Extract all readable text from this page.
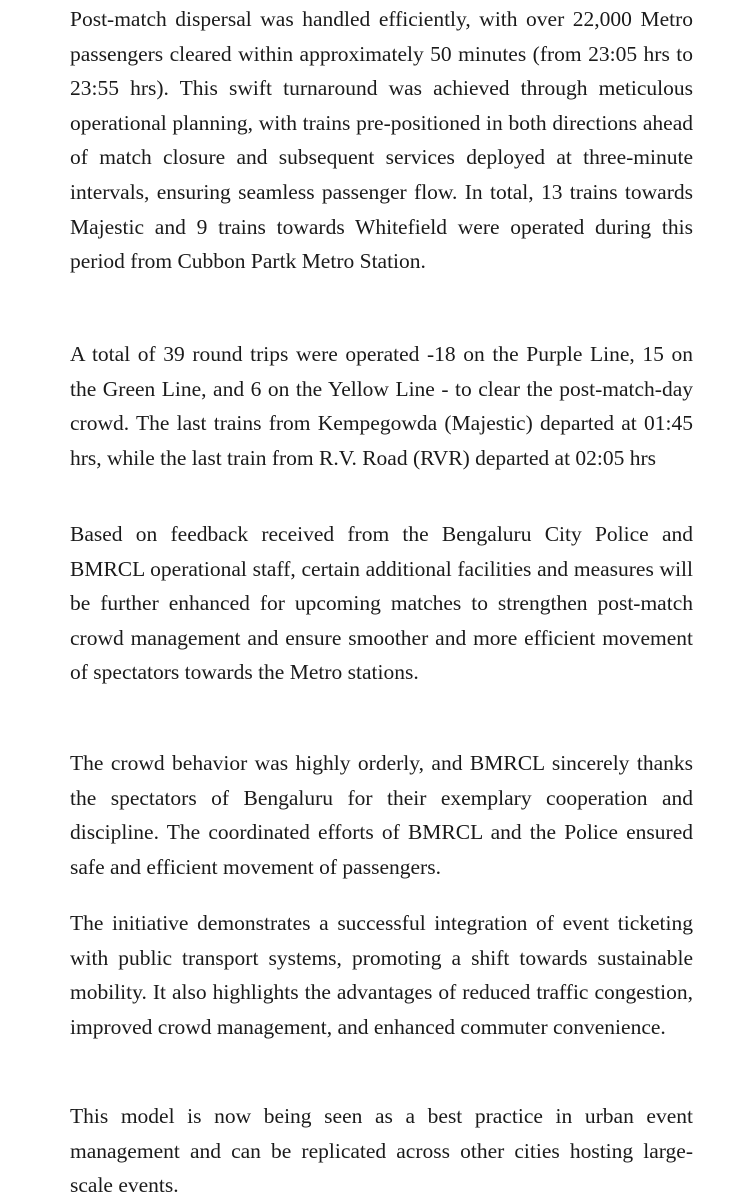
Post-match dispersal was handled efficiently, with over 22,000 Metro passengers cleared within approximately 50 minutes (from 23:05 hrs to 23:55 hrs). This swift turnaround was achieved through meticulous operational planning, with trains pre-positioned in both directions ahead of match closure and subsequent services deployed at three-minute intervals, ensuring seamless passenger flow. In total, 13 trains towards Majestic and 9 trains towards Whitefield were operated during this period from Cubbon Partk Metro Station.

A total of 39 round trips were operated -18 on the Purple Line, 15 on the Green Line, and 6 on the Yellow Line - to clear the post-match-day crowd. The last trains from Kempegowda (Majestic) departed at 01:45 hrs, while the last train from R.V. Road (RVR) departed at 02:05 hrs

Based on feedback received from the Bengaluru City Police and BMRCL operational staff, certain additional facilities and measures will be further enhanced for upcoming matches to strengthen post-match crowd management and ensure smoother and more efficient movement of spectators towards the Metro stations.

The crowd behavior was highly orderly, and BMRCL sincerely thanks the spectators of Bengaluru for their exemplary cooperation and discipline. The coordinated efforts of BMRCL and the Police ensured safe and efficient movement of passengers.

The initiative demonstrates a successful integration of event ticketing with public transport systems, promoting a shift towards sustainable mobility. It also highlights the advantages of reduced traffic congestion, improved crowd management, and enhanced commuter convenience.

This model is now being seen as a best practice in urban event management and can be replicated across other cities hosting large-scale events.
